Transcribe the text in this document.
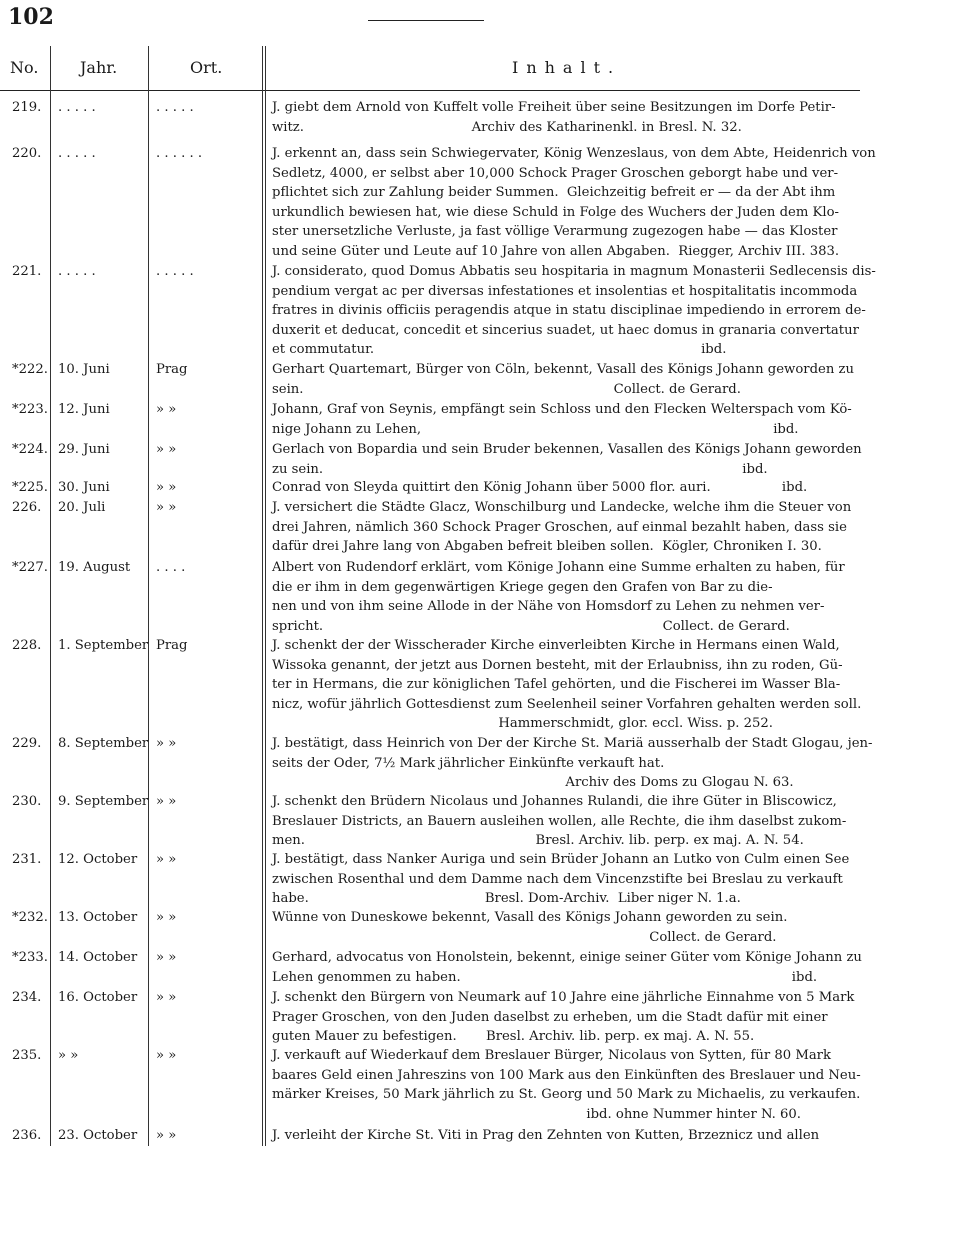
102
No.	Jahr.	Ort.	Inhalt.
219.	. . . . .	. . . . .	J. giebt dem Arnold von Kuffelt volle Freiheit über seine Besitzungen im Dorfe Petir-
witz.                                        Archiv des Katharinenkl. in Bresl. N. 32.
220.	. . . . .	. . . . . .	J. erkennt an, dass sein Schwiegervater, König Wenzeslaus, von dem Abte, Heidenrich von
Sedletz, 4000, er selbst aber 10,000 Schock Prager Groschen geborgt habe und ver-
pflichtet sich zur Zahlung beider Summen.  Gleichzeitig befreit er — da der Abt ihm
urkundlich bewiesen hat, wie diese Schuld in Folge des Wuchers der Juden dem Klo-
ster unersetzliche Verluste, ja fast völlige Verarmung zugezogen habe — das Kloster
und seine Güter und Leute auf 10 Jahre von allen Abgaben.  Riegger, Archiv III. 383.
221.	. . . . .	. . . . .	J. considerato, quod Domus Abbatis seu hospitaria in magnum Monasterii Sedlecensis dis-
pendium vergat ac per diversas infestationes et insolentias et hospitalitatis incommoda
fratres in divinis officiis peragendis atque in statu disciplinae impediendo in errorem de-
duxerit et deducat, concedit et sincerius suadet, ut haec domus in granaria convertatur
et commutatur.                                                                              ibd.
*222. 10. Juni	Prag	Gerhart Quartemart, Bürger von Cöln, bekennt, Vasall des Königs Johann geworden zu
sein.                                                                          Collect. de Gerard.
*223. 12. Juni	» »	Johann, Graf von Seynis, empfängt sein Schloss und den Flecken Welterspach vom Kö-
nige Johann zu Lehen,                                                                                    ibd.
*224. 29. Juni	» »	Gerlach von Bopardia und sein Bruder bekennen, Vasallen des Königs Johann geworden
zu sein.                                                                                                    ibd.
*225. 30. Juni	» »	Conrad von Sleyda quittirt den König Johann über 5000 flor. auri.                 ibd.
226.	20. Juli	» »	J. versichert die Städte Glacz, Wonschilburg und Landecke, welche ihm die Steuer von
drei Jahren, nämlich 360 Schock Prager Groschen, auf einmal bezahlt haben, dass sie
dafür drei Jahre lang von Abgaben befreit bleiben sollen.  Kögler, Chroniken I. 30.
*227. 19. August	. . . .	Albert von Rudendorf erklärt, vom Könige Johann eine Summe erhalten zu haben, für
die er ihm in dem gegenwärtigen Kriege gegen den Grafen von Bar zu die-
nen und von ihm seine Allode in der Nähe von Homsdorf zu Lehen zu nehmen ver-
spricht.                                                                                 Collect. de Gerard.
228.	1. September Prag	J. schenkt der der Wisscherader Kirche einverleibten Kirche in Hermans einen Wald,
Wissoka genannt, der jetzt aus Dornen besteht, mit der Erlaubniss, ihn zu roden, Gü-
ter in Hermans, die zur königlichen Tafel gehörten, und die Fischerei im Wasser Bla-
nicz, wofür jährlich Gottesdienst zum Seelenheil seiner Vorfahren gehalten werden soll.
Hammerschmidt, glor. eccl. Wiss. p. 252.
229.	8. September » »	J. bestätigt, dass Heinrich von Der der Kirche St. Mariä ausserhalb der Stadt Glogau, jen-
seits der Oder, 7½ Mark jährlicher Einkünfte verkauft hat.
Archiv des Doms zu Glogau N. 63.
230.	9. September » »	J. schenkt den Brüdern Nicolaus und Johannes Rulandi, die ihre Güter in Bliscowicz,
Breslauer Districts, an Bauern ausleihen wollen, alle Rechte, die ihm daselbst zukom-
men.                                                       Bresl. Archiv. lib. perp. ex maj. A. N. 54.
231.	12. October	» »	J. bestätigt, dass Nanker Auriga und sein Brüder Johann an Lutko von Culm einen See
zwischen Rosenthal und dem Damme nach dem Vincenzstifte bei Breslau zu verkauft
habe.                                          Bresl. Dom-Archiv.  Liber niger N. 1.a.
*232. 13. October	» »	Wünne von Duneskowe bekennt, Vasall des Königs Johann geworden zu sein.
Collect. de Gerard.
*233. 14. October	» »	Gerhard, advocatus von Honolstein, bekennt, einige seiner Güter vom Könige Johann zu
Lehen genommen zu haben.                                                                               ibd.
234.	16. October	» »	J. schenkt den Bürgern von Neumark auf 10 Jahre eine jährliche Einnahme von 5 Mark
Prager Groschen, von den Juden daselbst zu erheben, um die Stadt dafür mit einer
guten Mauer zu befestigen.       Bresl. Archiv. lib. perp. ex maj. A. N. 55.
235.	» »	» »	J. verkauft auf Wiederkauf dem Breslauer Bürger, Nicolaus von Sytten, für 80 Mark
baares Geld einen Jahreszins von 100 Mark aus den Einkünften des Breslauer und Neu-
märker Kreises, 50 Mark jährlich zu St. Georg und 50 Mark zu Michaelis, zu verkaufen.
ibd. ohne Nummer hinter N. 60.
236.	23. October	» »	J. verleiht der Kirche St. Viti in Prag den Zehnten von Kutten, Brzeznicz und allen
